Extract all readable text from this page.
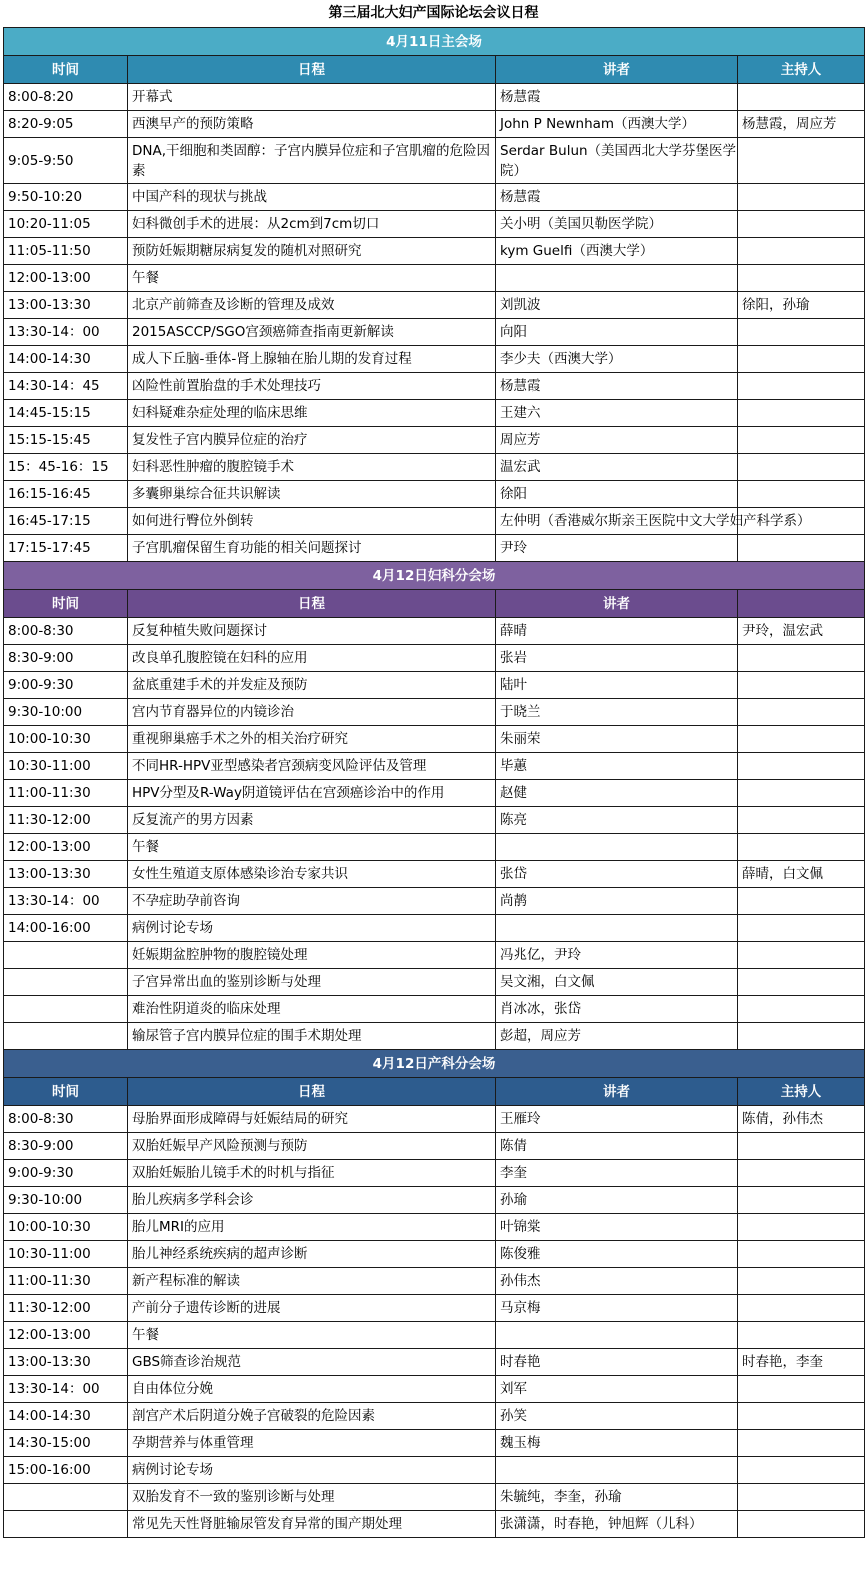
第三届北大妇产国际论坛会议日程
4月11日主会场			
时间	日程	讲者	主持人
8:00-8:20	开幕式	杨慧霞	
8:20-9:05	西澳早产的预防策略	John P Newnham（西澳大学）	杨慧霞，周应芳
9:05-9:50	DNA,干细胞和类固醇：子宫内膜异位症和子宫肌瘤的危险因素	Serdar Bulun（美国西北大学芬堡医学院）	
9:50-10:20	中国产科的现状与挑战	杨慧霞	
10:20-11:05	妇科微创手术的进展：从2cm到7cm切口	关小明（美国贝勒医学院）	
11:05-11:50	预防妊娠期糖尿病复发的随机对照研究	kym Guelfi（西澳大学）	
12:00-13:00	午餐		
13:00-13:30	北京产前筛查及诊断的管理及成效	刘凯波	徐阳，孙瑜
13:30-14：00	2015ASCCP/SGO宫颈癌筛查指南更新解读	向阳	
14:00-14:30	成人下丘脑-垂体-肾上腺轴在胎儿期的发育过程	李少夫（西澳大学）	
14:30-14：45	凶险性前置胎盘的手术处理技巧	杨慧霞	
14:45-15:15	妇科疑难杂症处理的临床思维	王建六	
15:15-15:45	复发性子宫内膜异位症的治疗	周应芳	
15：45-16：15	妇科恶性肿瘤的腹腔镜手术	温宏武	
16:15-16:45	多囊卵巢综合征共识解读	徐阳	
16:45-17:15	如何进行臀位外倒转	左仲明（香港威尔斯亲王医院中文大学妇产科学系）	
17:15-17:45	子宫肌瘤保留生育功能的相关问题探讨	尹玲	
4月12日妇科分会场			
时间	日程	讲者	
8:00-8:30	反复种植失败问题探讨	薛晴	尹玲，温宏武
8:30-9:00	改良单孔腹腔镜在妇科的应用	张岩	
9:00-9:30	盆底重建手术的并发症及预防	陆叶	
9:30-10:00	宫内节育器异位的内镜诊治	于晓兰	
10:00-10:30	重视卵巢癌手术之外的相关治疗研究	朱丽荣	
10:30-11:00	不同HR-HPV亚型感染者宫颈病变风险评估及管理	毕蕙	
11:00-11:30	HPV分型及R-Way阴道镜评估在宫颈癌诊治中的作用	赵健	
11:30-12:00	反复流产的男方因素	陈亮	
12:00-13:00	午餐		
13:00-13:30	女性生殖道支原体感染诊治专家共识	张岱	薛晴，白文佩
13:30-14：00	不孕症助孕前咨询	尚䴖	
14:00-16:00	病例讨论专场		
	妊娠期盆腔肿物的腹腔镜处理	冯兆亿，尹玲	
	子宫异常出血的鉴别诊断与处理	吴文湘，白文佩	
	难治性阴道炎的临床处理	肖冰冰，张岱	
	输尿管子宫内膜异位症的围手术期处理	彭超，周应芳	
4月12日产科分会场			
时间	日程	讲者	主持人
8:00-8:30	母胎界面形成障碍与妊娠结局的研究	王雁玲	陈倩，孙伟杰
8:30-9:00	双胎妊娠早产风险预测与预防	陈倩	
9:00-9:30	双胎妊娠胎儿镜手术的时机与指征	李奎	
9:30-10:00	胎儿疾病多学科会诊	孙瑜	
10:00-10:30	胎儿MRI的应用	叶锦棠	
10:30-11:00	胎儿神经系统疾病的超声诊断	陈俊雅	
11:00-11:30	新产程标准的解读	孙伟杰	
11:30-12:00	产前分子遗传诊断的进展	马京梅	
12:00-13:00	午餐		
13:00-13:30	GBS筛查诊治规范	时春艳	时春艳，李奎
13:30-14：00	自由体位分娩	刘军	
14:00-14:30	剖宫产术后阴道分娩子宫破裂的危险因素	孙笑	
14:30-15:00	孕期营养与体重管理	魏玉梅	
15:00-16:00	病例讨论专场		
	双胎发育不一致的鉴别诊断与处理	朱毓纯，李奎，孙瑜	
	常见先天性肾脏输尿管发育异常的围产期处理	张潇潇，时春艳，钟旭辉（儿科）	
